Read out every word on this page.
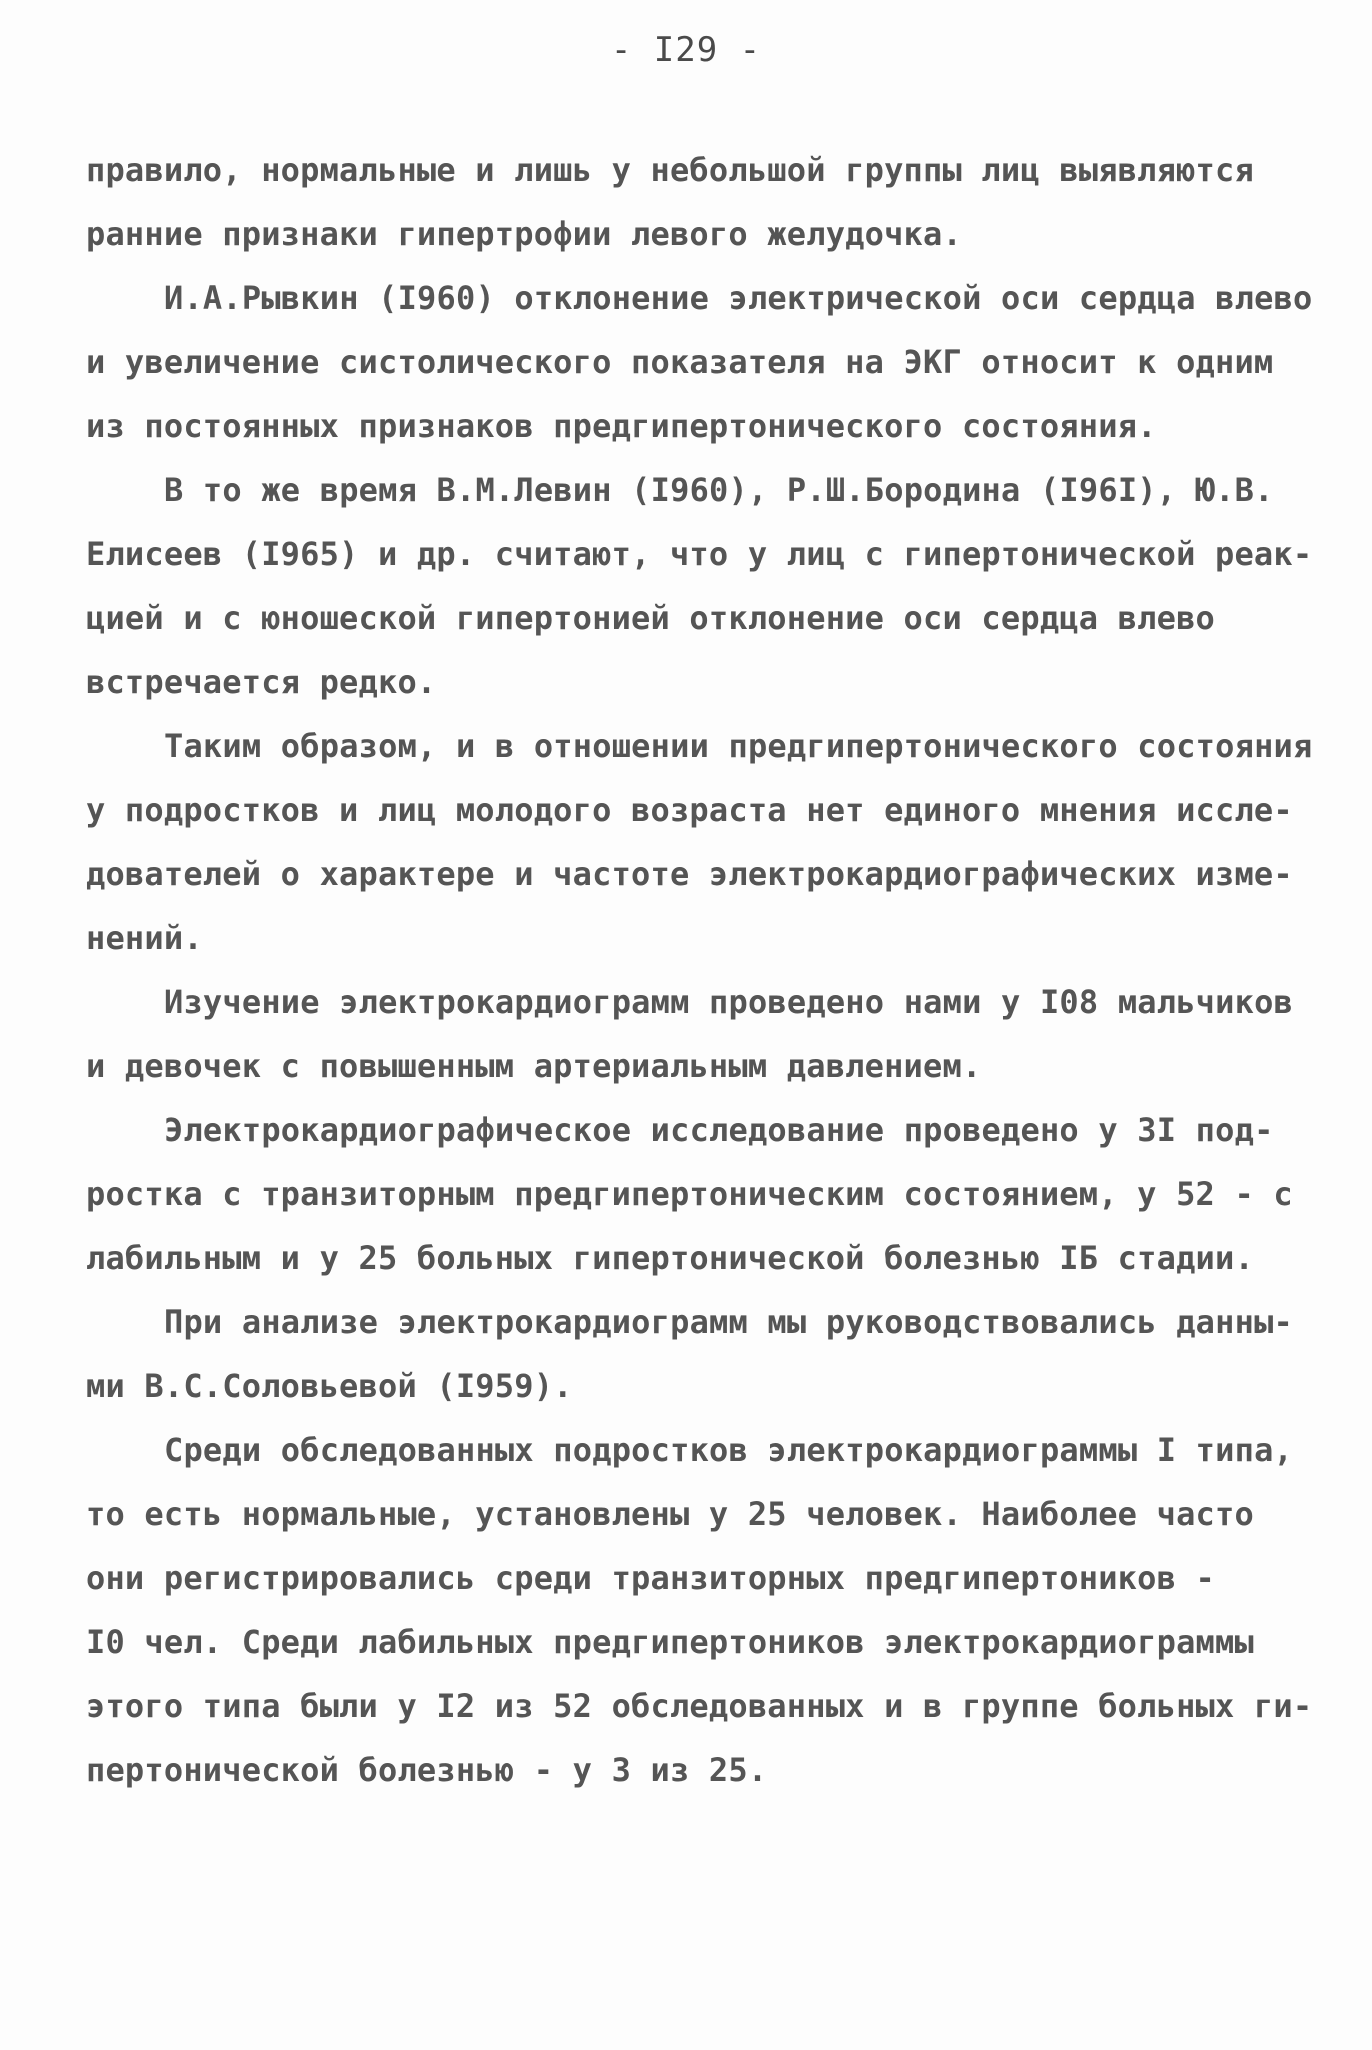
- I29 -
правило, нормальные и лишь у небольшой группы лиц выявляются
ранние признаки гипертрофии левого желудочка.
И.А.Рывкин (I960) отклонение электрической оси сердца влево
и увеличение систолического показателя на ЭКГ относит к одним
из постоянных признаков предгипертонического состояния.
В то же время В.М.Левин (I960), Р.Ш.Бородина (I96I), Ю.В.
Елисеев (I965) и др. считают, что у лиц с гипертонической реак-
цией и с юношеской гипертонией отклонение оси сердца влево
встречается редко.
Таким образом, и в отношении предгипертонического состояния
у подростков и лиц молодого возраста нет единого мнения иссле-
дователей о характере и частоте электрокардиографических изме-
нений.
Изучение электрокардиограмм проведено нами у I08 мальчиков
и девочек с повышенным артериальным давлением.
Электрокардиографическое исследование проведено у 3I под-
ростка с транзиторным предгипертоническим состоянием, у 52 - с
лабильным и у 25 больных гипертонической болезнью IБ стадии.
При анализе электрокардиограмм мы руководствовались данны-
ми В.С.Соловьевой (I959).
Среди обследованных подростков электрокардиограммы I типа,
то есть нормальные, установлены у 25 человек. Наиболее часто
они регистрировались среди транзиторных предгипертоников -
I0 чел. Среди лабильных предгипертоников электрокардиограммы
этого типа были у I2 из 52 обследованных и в группе больных ги-
пертонической болезнью - у 3 из 25.
